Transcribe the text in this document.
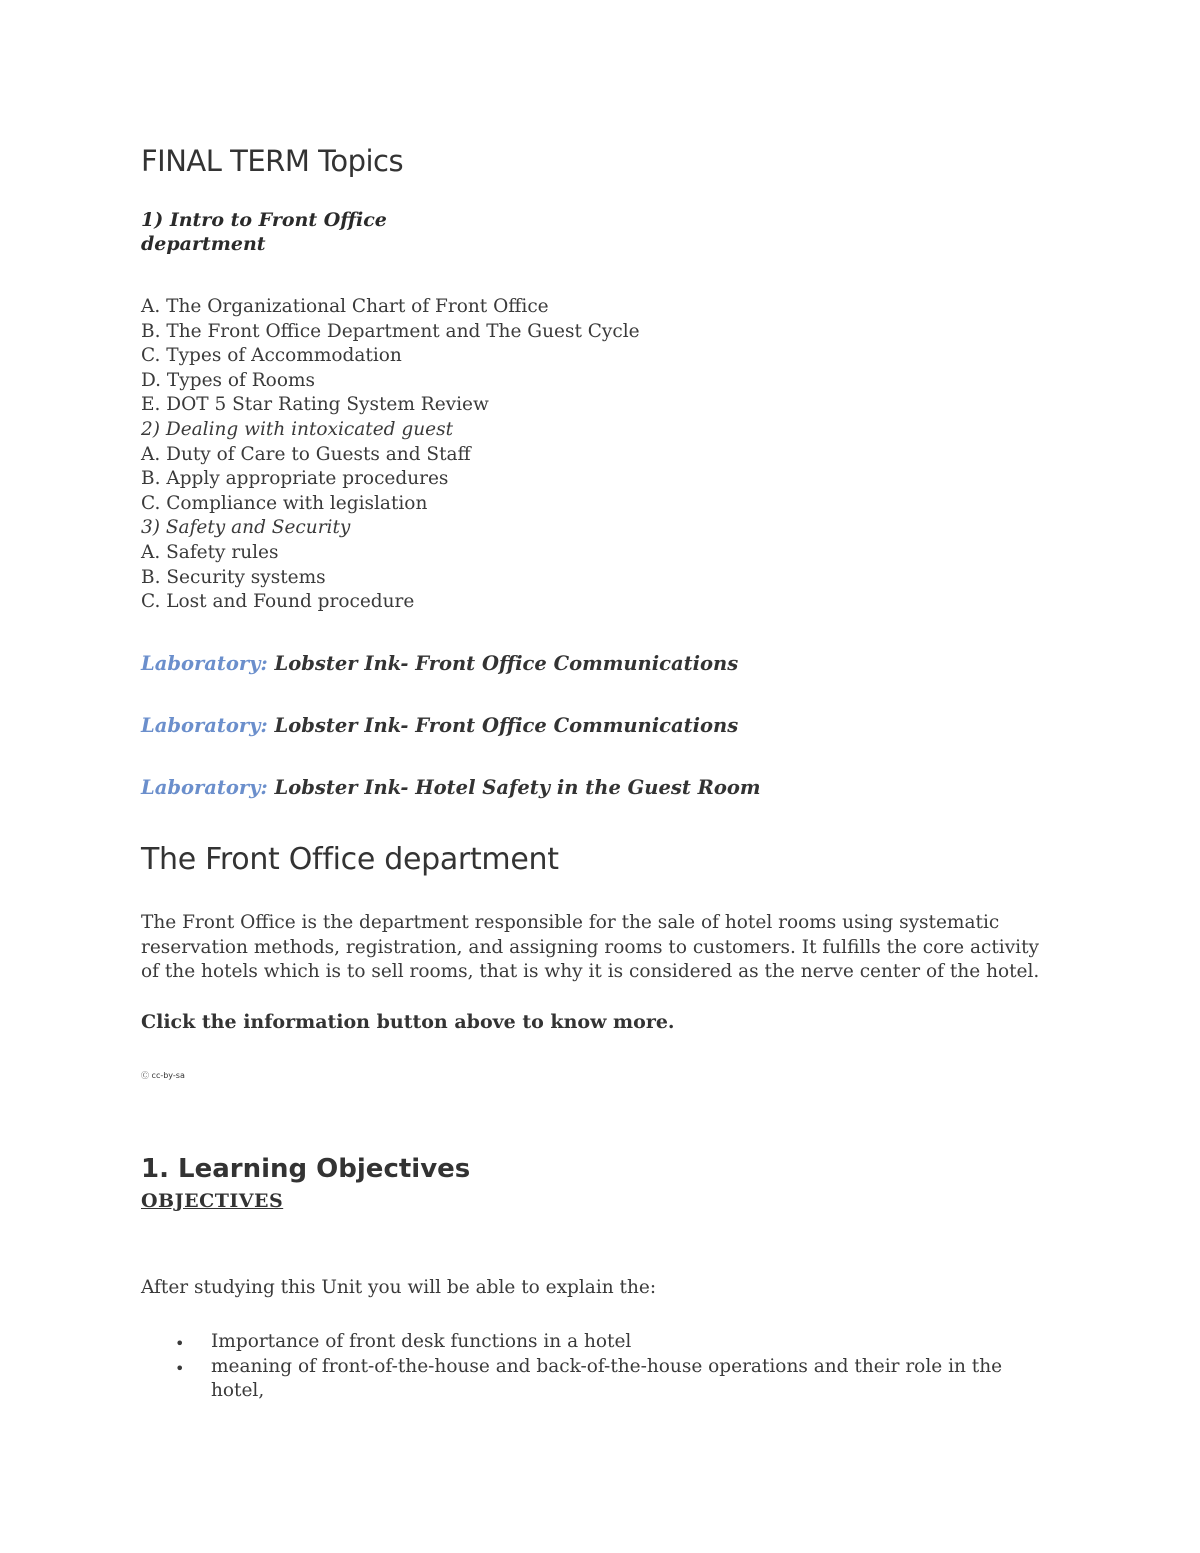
FINAL TERM Topics
1) Intro to Front Office
department
A. The Organizational Chart of Front Office
B. The Front Office Department and The Guest Cycle
C. Types of Accommodation
D. Types of Rooms
E. DOT 5 Star Rating System Review
2) Dealing with intoxicated guest
A. Duty of Care to Guests and Staff
B. Apply appropriate procedures
C. Compliance with legislation
3) Safety and Security
A. Safety rules
B. Security systems
C. Lost and Found procedure
Laboratory: Lobster Ink- Front Office Communications
Laboratory: Lobster Ink- Front Office Communications
Laboratory: Lobster Ink- Hotel Safety in the Guest Room
The Front Office department
The Front Office is the department responsible for the sale of hotel rooms using systematic
reservation methods, registration, and assigning rooms to customers. It fulfills the core activity
of the hotels which is to sell rooms, that is why it is considered as the nerve center of the hotel.
Click the information button above to know more.
Ⓒ cc-by-sa
1. Learning Objectives
OBJECTIVES
After studying this Unit you will be able to explain the:
• Importance of front desk functions in a hotel
• meaning of front-of-the-house and back-of-the-house operations and their role in the hotel,
